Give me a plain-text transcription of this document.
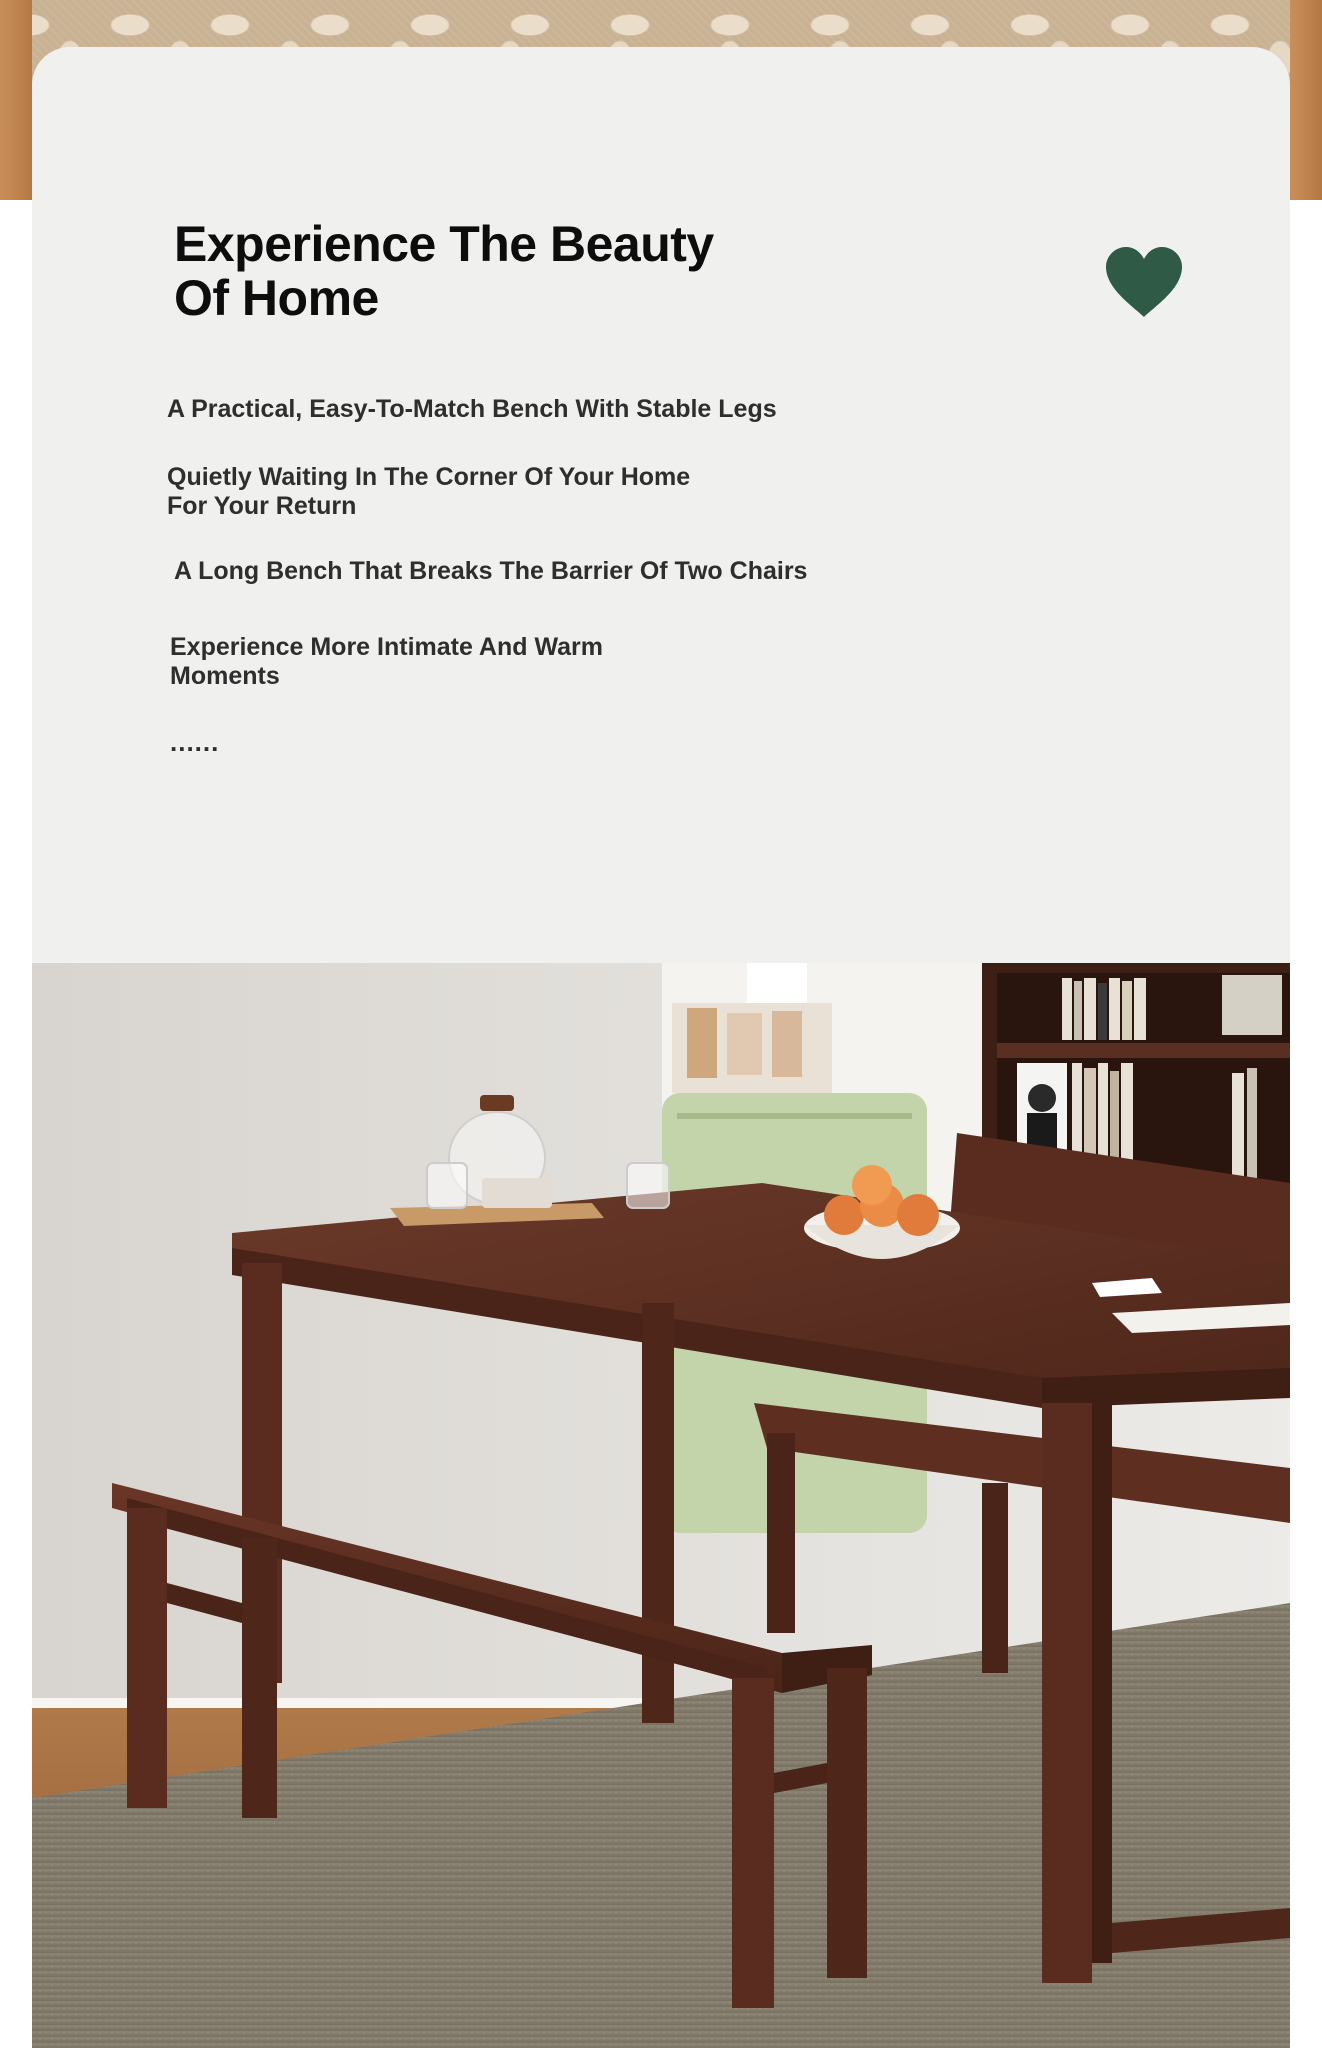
Experience The Beauty Of Home

A Practical, Easy-To-Match Bench With Stable Legs

Quietly Waiting In The Corner Of Your Home For Your Return

A Long Bench That Breaks The Barrier Of Two Chairs

Experience More Intimate And Warm Moments

......
